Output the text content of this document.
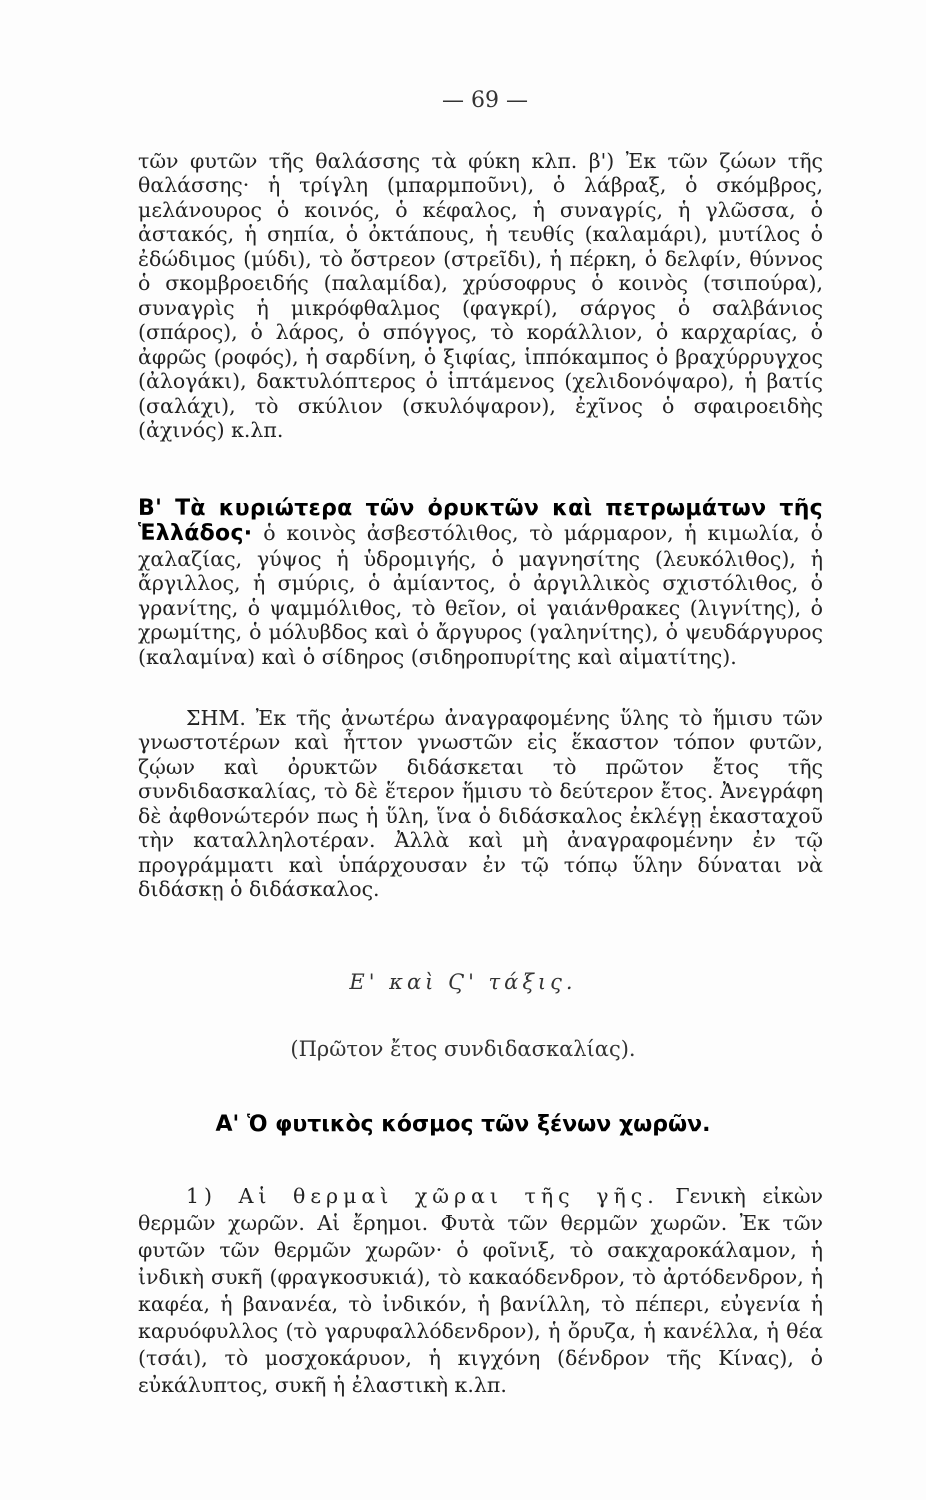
— 69 —

τῶν φυτῶν τῆς θαλάσσης τὰ φύκη κλπ. β') Ἐκ τῶν ζώων τῆς θαλάσσης· ἡ τρίγλη (μπαρμποῦνι), ὁ λάβραξ, ὁ σκόμβρος, μελάνουρος ὁ κοινός, ὁ κέφαλος, ἡ συναγρίς, ἡ γλῶσσα, ὁ ἀστακός, ἡ σηπία, ὁ ὀκτάπους, ἡ τευθίς (καλαμάρι), μυτίλος ὁ ἐδώδιμος (μύδι), τὸ ὄστρεον (στρεῖδι), ἡ πέρκη, ὁ δελφίν, θύννος ὁ σκομβροειδής (παλαμίδα), χρύσοφρυς ὁ κοινὸς (τσιπούρα), συναγρὶς ἡ μικρόφθαλμος (φαγκρί), σάργος ὁ σαλβάνιος (σπάρος), ὁ λάρος, ὁ σπόγγος, τὸ κοράλλιον, ὁ καρχαρίας, ὁ ἀφρῶς (ροφός), ἡ σαρδίνη, ὁ ξιφίας, ἱππόκαμπος ὁ βραχύρρυγχος (ἀλογάκι), δακτυλόπτερος ὁ ἱπτάμενος (χελιδονόψαρο), ἡ βατίς (σαλάχι), τὸ σκύλιον (σκυλόψαρον), ἐχῖνος ὁ σφαιροειδὴς (ἀχινός) κ.λπ.

Β' Τὰ κυριώτερα τῶν ὀρυκτῶν καὶ πετρωμάτων τῆς Ἑλλάδος· ὁ κοινὸς ἀσβεστόλιθος, τὸ μάρμαρον, ἡ κιμωλία, ὁ χαλαζίας, γύψος ἡ ὑδρομιγής, ὁ μαγνησίτης (λευκόλιθος), ἡ ἄργιλλος, ἡ σμύρις, ὁ ἀμίαντος, ὁ ἀργιλλικὸς σχιστόλιθος, ὁ γρανίτης, ὁ ψαμμόλιθος, τὸ θεῖον, οἱ γαιάνθρακες (λιγνίτης), ὁ χρωμίτης, ὁ μόλυβδος καὶ ὁ ἄργυρος (γαληνίτης), ὁ ψευδάργυρος (καλαμίνα) καὶ ὁ σίδηρος (σιδηροπυρίτης καὶ αἱματίτης).

ΣΗΜ. Ἐκ τῆς ἀνωτέρω ἀναγραφομένης ὕλης τὸ ἥμισυ τῶν γνωστοτέρων καὶ ἧττον γνωστῶν εἰς ἕκαστον τόπον φυτῶν, ζῴων καὶ ὀρυκτῶν διδάσκεται τὸ πρῶτον ἔτος τῆς συνδιδασκαλίας, τὸ δὲ ἕτερον ἥμισυ τὸ δεύτερον ἔτος. Ἀνεγράφη δὲ ἀφθονώτερόν πως ἡ ὕλη, ἵνα ὁ διδάσκαλος ἐκλέγῃ ἑκασταχοῦ τὴν καταλληλοτέραν. Ἀλλὰ καὶ μὴ ἀναγραφομένην ἐν τῷ προγράμματι καὶ ὑπάρχουσαν ἐν τῷ τόπῳ ὕλην δύναται νὰ διδάσκῃ ὁ διδάσκαλος.

Ε' καὶ Ϛ' τάξις.
(Πρῶτον ἔτος συνδιδασκαλίας).
Α' Ὁ φυτικὸς κόσμος τῶν ξένων χωρῶν.

1) Αἱ θερμαὶ χῶραι τῆς γῆς. Γενικὴ εἰκὼν θερμῶν χωρῶν. Αἱ ἔρημοι. Φυτὰ τῶν θερμῶν χωρῶν. Ἐκ τῶν φυτῶν τῶν θερμῶν χωρῶν· ὁ φοῖνιξ, τὸ σακχαροκάλαμον, ἡ ἰνδικὴ συκῆ (φραγκοσυκιά), τὸ κακαόδενδρον, τὸ ἀρτόδενδρον, ἡ καφέα, ἡ βανανέα, τὸ ἰνδικόν, ἡ βανίλλη, τὸ πέπερι, εὐγενία ἡ καρυόφυλλος (τὸ γαρυφαλλόδενδρον), ἡ ὄρυζα, ἡ κανέλλα, ἡ θέα (τσάι), τὸ μοσχοκάρυον, ἡ κιγχόνη (δένδρον τῆς Κίνας), ὁ εὐκάλυπτος, συκῆ ἡ ἐλαστικὴ κ.λπ.
